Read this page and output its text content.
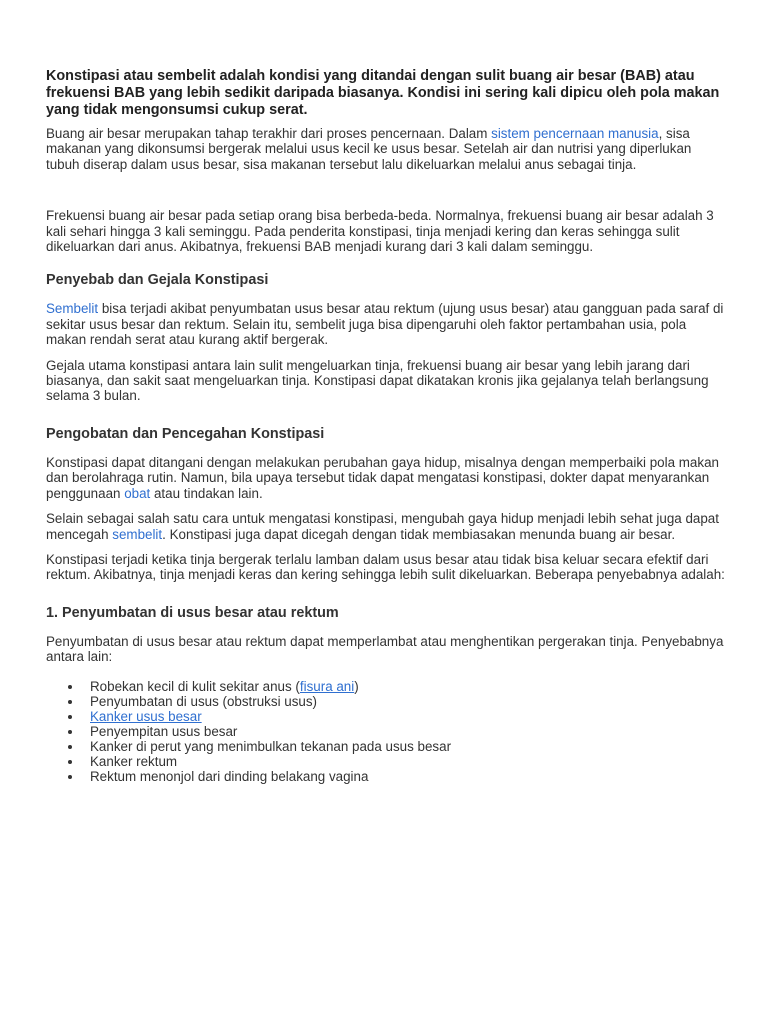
Konstipasi atau sembelit adalah kondisi yang ditandai dengan sulit buang air besar (BAB) atau frekuensi BAB yang lebih sedikit daripada biasanya. Kondisi ini sering kali dipicu oleh pola makan yang tidak mengonsumsi cukup serat.

Buang air besar merupakan tahap terakhir dari proses pencernaan. Dalam sistem pencernaan manusia, sisa makanan yang dikonsumsi bergerak melalui usus kecil ke usus besar. Setelah air dan nutrisi yang diperlukan tubuh diserap dalam usus besar, sisa makanan tersebut lalu dikeluarkan melalui anus sebagai tinja.

Frekuensi buang air besar pada setiap orang bisa berbeda-beda. Normalnya, frekuensi buang air besar adalah 3 kali sehari hingga 3 kali seminggu. Pada penderita konstipasi, tinja menjadi kering dan keras sehingga sulit dikeluarkan dari anus. Akibatnya, frekuensi BAB menjadi kurang dari 3 kali dalam seminggu.

Penyebab dan Gejala Konstipasi

Sembelit bisa terjadi akibat penyumbatan usus besar atau rektum (ujung usus besar) atau gangguan pada saraf di sekitar usus besar dan rektum. Selain itu, sembelit juga bisa dipengaruhi oleh faktor pertambahan usia, pola makan rendah serat atau kurang aktif bergerak.

Gejala utama konstipasi antara lain sulit mengeluarkan tinja, frekuensi buang air besar yang lebih jarang dari biasanya, dan sakit saat mengeluarkan tinja. Konstipasi dapat dikatakan kronis jika gejalanya telah berlangsung selama 3 bulan.

Pengobatan dan Pencegahan Konstipasi

Konstipasi dapat ditangani dengan melakukan perubahan gaya hidup, misalnya dengan memperbaiki pola makan dan berolahraga rutin. Namun, bila upaya tersebut tidak dapat mengatasi konstipasi, dokter dapat menyarankan penggunaan obat atau tindakan lain.

Selain sebagai salah satu cara untuk mengatasi konstipasi, mengubah gaya hidup menjadi lebih sehat juga dapat mencegah sembelit. Konstipasi juga dapat dicegah dengan tidak membiasakan menunda buang air besar.

Konstipasi terjadi ketika tinja bergerak terlalu lamban dalam usus besar atau tidak bisa keluar secara efektif dari rektum. Akibatnya, tinja menjadi keras dan kering sehingga lebih sulit dikeluarkan. Beberapa penyebabnya adalah:

1. Penyumbatan di usus besar atau rektum

Penyumbatan di usus besar atau rektum dapat memperlambat atau menghentikan pergerakan tinja. Penyebabnya antara lain:

Robekan kecil di kulit sekitar anus (fisura ani)
Penyumbatan di usus (obstruksi usus)
Kanker usus besar
Penyempitan usus besar
Kanker di perut yang menimbulkan tekanan pada usus besar
Kanker rektum
Rektum menonjol dari dinding belakang vagina
